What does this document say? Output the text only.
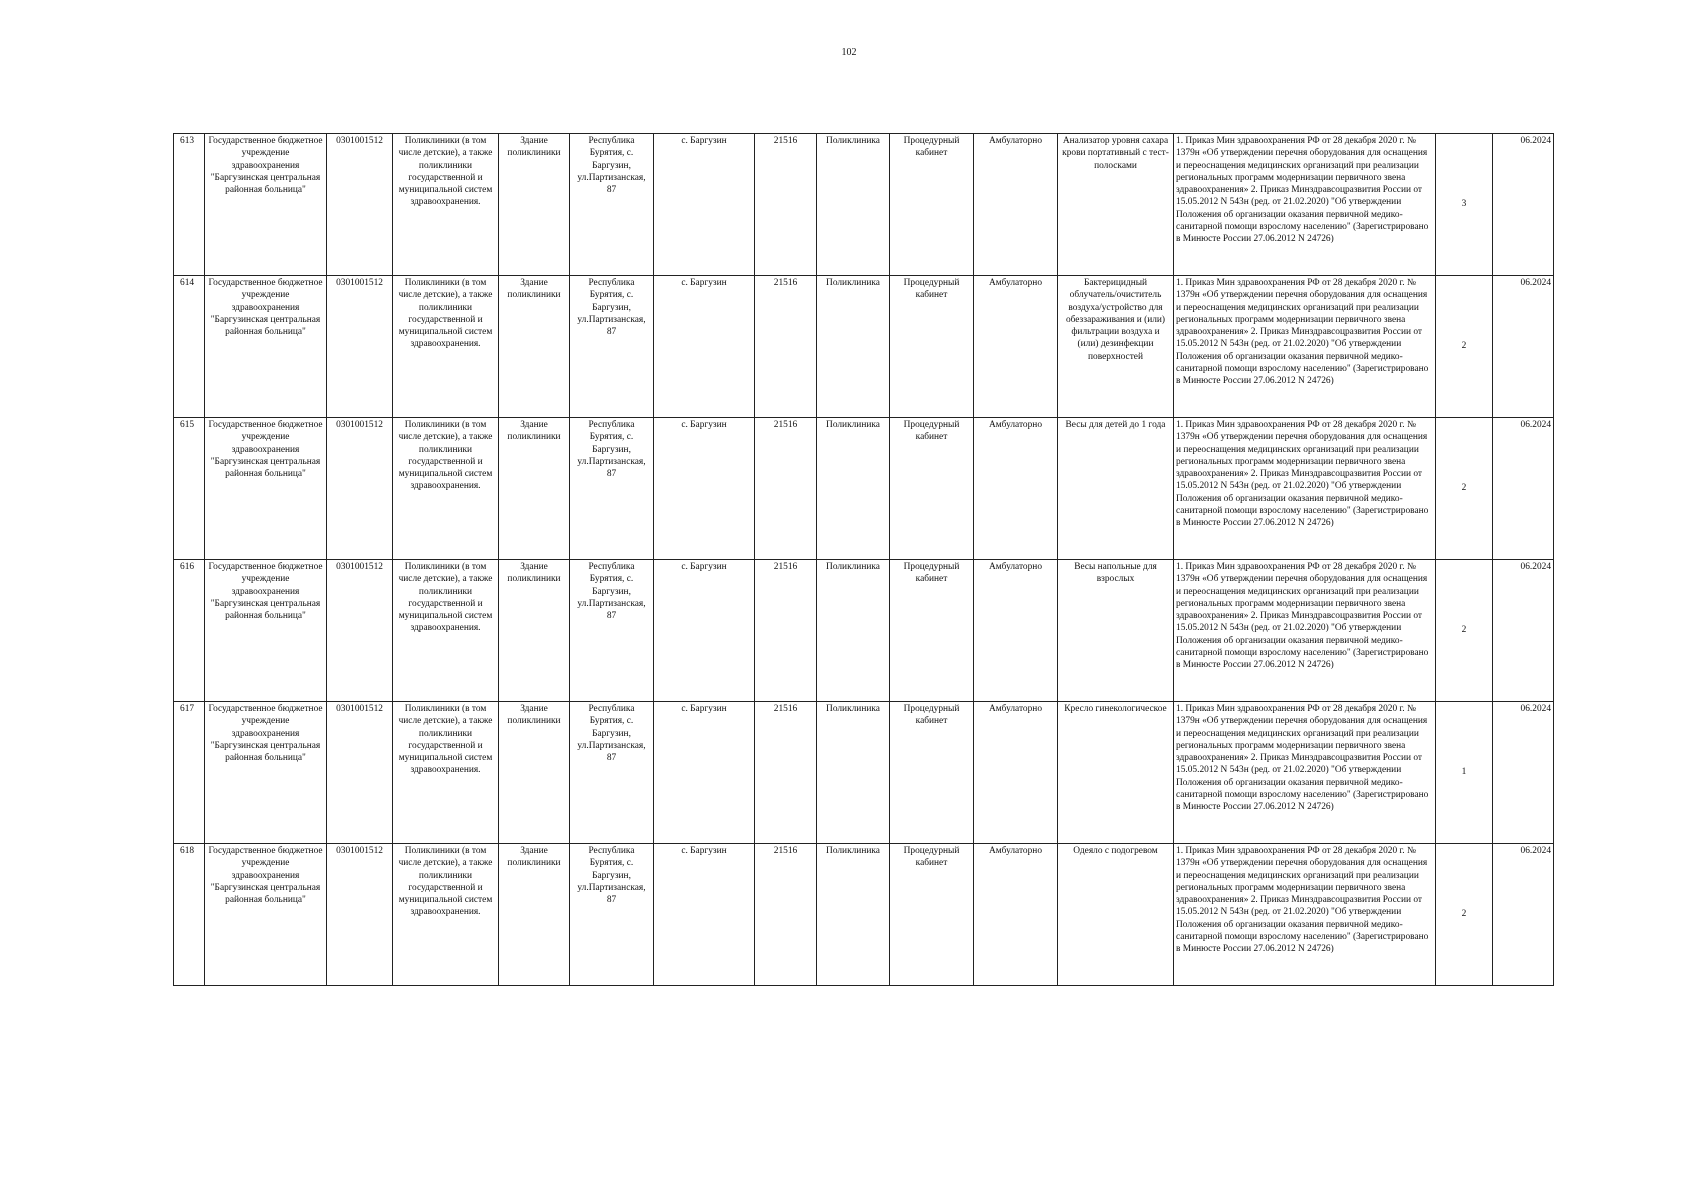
102
613	Государственное бюджетное учреждение здравоохранения "Баргузинская центральная районная больница"	0301001512	Поликлиники (в том числе детские), а также поликлиники государственной и муниципальной систем здравоохранения.	Здание поликлиники	Республика Бурятия, с. Баргузин, ул.Партизанская, 87	с. Баргузин	21516	Поликлиника	Процедурный кабинет	Амбулаторно	Анализатор уровня сахара крови портативный с тест-полосками	1. Приказ Мин здравоохранения РФ от 28 декабря 2020 г. № 1379н «Об утверждении перечня оборудования для оснащения и переоснащения медицинских организаций при реализации региональных программ модернизации первичного звена здравоохранения» 2. Приказ Минздравсоцразвития России от 15.05.2012 N 543н (ред. от 21.02.2020) "Об утверждении Положения об организации оказания первичной медико-санитарной помощи взрослому населению" (Зарегистрировано в Минюсте России 27.06.2012 N 24726)	3	06.2024
614	Государственное бюджетное учреждение здравоохранения "Баргузинская центральная районная больница"	0301001512	Поликлиники (в том числе детские), а также поликлиники государственной и муниципальной систем здравоохранения.	Здание поликлиники	Республика Бурятия, с. Баргузин, ул.Партизанская, 87	с. Баргузин	21516	Поликлиника	Процедурный кабинет	Амбулаторно	Бактерицидный облучатель/очиститель воздуха/устройство для обеззараживания и (или) фильтрации воздуха и (или) дезинфекции поверхностей	1. Приказ Мин здравоохранения РФ от 28 декабря 2020 г. № 1379н «Об утверждении перечня оборудования для оснащения и переоснащения медицинских организаций при реализации региональных программ модернизации первичного звена здравоохранения» 2. Приказ Минздравсоцразвития России от 15.05.2012 N 543н (ред. от 21.02.2020) "Об утверждении Положения об организации оказания первичной медико-санитарной помощи взрослому населению" (Зарегистрировано в Минюсте России 27.06.2012 N 24726)	2	06.2024
615	Государственное бюджетное учреждение здравоохранения "Баргузинская центральная районная больница"	0301001512	Поликлиники (в том числе детские), а также поликлиники государственной и муниципальной систем здравоохранения.	Здание поликлиники	Республика Бурятия, с. Баргузин, ул.Партизанская, 87	с. Баргузин	21516	Поликлиника	Процедурный кабинет	Амбулаторно	Весы для детей до 1 года	1. Приказ Мин здравоохранения РФ от 28 декабря 2020 г. № 1379н «Об утверждении перечня оборудования для оснащения и переоснащения медицинских организаций при реализации региональных программ модернизации первичного звена здравоохранения» 2. Приказ Минздравсоцразвития России от 15.05.2012 N 543н (ред. от 21.02.2020) "Об утверждении Положения об организации оказания первичной медико-санитарной помощи взрослому населению" (Зарегистрировано в Минюсте России 27.06.2012 N 24726)	2	06.2024
616	Государственное бюджетное учреждение здравоохранения "Баргузинская центральная районная больница"	0301001512	Поликлиники (в том числе детские), а также поликлиники государственной и муниципальной систем здравоохранения.	Здание поликлиники	Республика Бурятия, с. Баргузин, ул.Партизанская, 87	с. Баргузин	21516	Поликлиника	Процедурный кабинет	Амбулаторно	Весы напольные для взрослых	1. Приказ Мин здравоохранения РФ от 28 декабря 2020 г. № 1379н «Об утверждении перечня оборудования для оснащения и переоснащения медицинских организаций при реализации региональных программ модернизации первичного звена здравоохранения» 2. Приказ Минздравсоцразвития России от 15.05.2012 N 543н (ред. от 21.02.2020) "Об утверждении Положения об организации оказания первичной медико-санитарной помощи взрослому населению" (Зарегистрировано в Минюсте России 27.06.2012 N 24726)	2	06.2024
617	Государственное бюджетное учреждение здравоохранения "Баргузинская центральная районная больница"	0301001512	Поликлиники (в том числе детские), а также поликлиники государственной и муниципальной систем здравоохранения.	Здание поликлиники	Республика Бурятия, с. Баргузин, ул.Партизанская, 87	с. Баргузин	21516	Поликлиника	Процедурный кабинет	Амбулаторно	Кресло гинекологическое	1. Приказ Мин здравоохранения РФ от 28 декабря 2020 г. № 1379н «Об утверждении перечня оборудования для оснащения и переоснащения медицинских организаций при реализации региональных программ модернизации первичного звена здравоохранения» 2. Приказ Минздравсоцразвития России от 15.05.2012 N 543н (ред. от 21.02.2020) "Об утверждении Положения об организации оказания первичной медико-санитарной помощи взрослому населению" (Зарегистрировано в Минюсте России 27.06.2012 N 24726)	1	06.2024
618	Государственное бюджетное учреждение здравоохранения "Баргузинская центральная районная больница"	0301001512	Поликлиники (в том числе детские), а также поликлиники государственной и муниципальной систем здравоохранения.	Здание поликлиники	Республика Бурятия, с. Баргузин, ул.Партизанская, 87	с. Баргузин	21516	Поликлиника	Процедурный кабинет	Амбулаторно	Одеяло с подогревом	1. Приказ Мин здравоохранения РФ от 28 декабря 2020 г. № 1379н «Об утверждении перечня оборудования для оснащения и переоснащения медицинских организаций при реализации региональных программ модернизации первичного звена здравоохранения» 2. Приказ Минздравсоцразвития России от 15.05.2012 N 543н (ред. от 21.02.2020) "Об утверждении Положения об организации оказания первичной медико-санитарной помощи взрослому населению" (Зарегистрировано в Минюсте России 27.06.2012 N 24726)	2	06.2024
